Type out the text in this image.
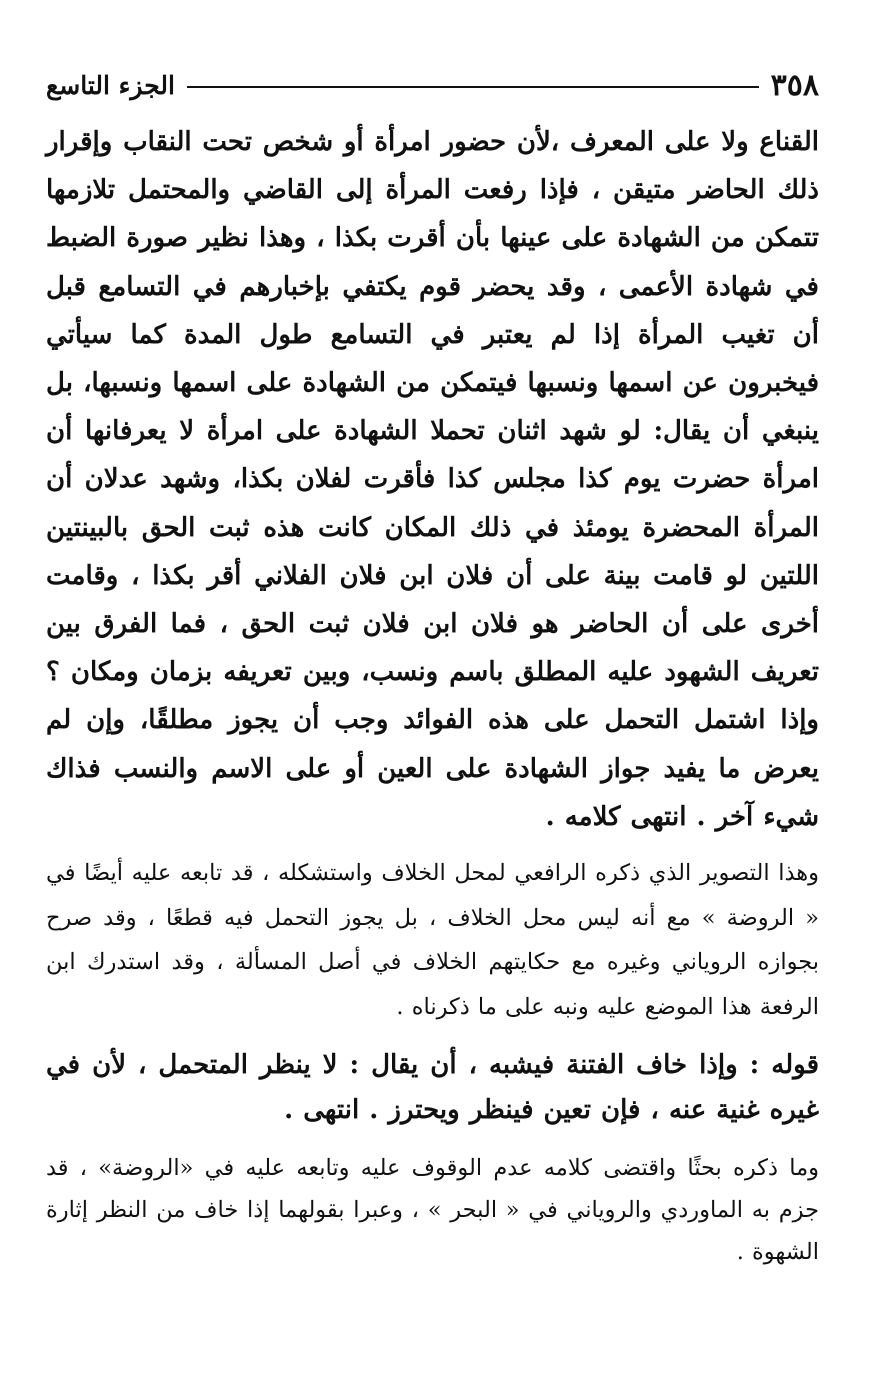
٣٥٨
الجزء التاسع

القناع ولا على المعرف ،لأن حضور امرأة أو شخص تحت النقاب وإقرار ذلك الحاضر متيقن ، فإذا رفعت المرأة إلى القاضي والمحتمل تلازمها تتمكن من الشهادة على عينها بأن أقرت بكذا ، وهذا نظير صورة الضبط في شهادة الأعمى ، وقد يحضر قوم يكتفي بإخبارهم في التسامع قبل أن تغيب المرأة إذا لم يعتبر في التسامع طول المدة كما سيأتي فيخبرون عن اسمها ونسبها فيتمكن من الشهادة على اسمها ونسبها، بل ينبغي أن يقال: لو شهد اثنان تحملا الشهادة على امرأة لا يعرفانها أن امرأة حضرت يوم كذا مجلس كذا فأقرت لفلان بكذا، وشهد عدلان أن المرأة المحضرة يومئذ في ذلك المكان كانت هذه ثبت الحق بالبينتين اللتين لو قامت بينة على أن فلان ابن فلان الفلاني أقر بكذا ، وقامت أخرى على أن الحاضر هو فلان ابن فلان ثبت الحق ، فما الفرق بين تعريف الشهود عليه المطلق باسم ونسب، وبين تعريفه بزمان ومكان ؟ وإذا اشتمل التحمل على هذه الفوائد وجب أن يجوز مطلقًا، وإن لم يعرض ما يفيد جواز الشهادة على العين أو على الاسم والنسب فذاك شيء آخر . انتهى كلامه .

وهذا التصوير الذي ذكره الرافعي لمحل الخلاف واستشكله ، قد تابعه عليه أيضًا في « الروضة » مع أنه ليس محل الخلاف ، بل يجوز التحمل فيه قطعًا ، وقد صرح بجوازه الروياني وغيره مع حكايتهم الخلاف في أصل المسألة ، وقد استدرك ابن الرفعة هذا الموضع عليه ونبه على ما ذكرناه .

قوله : وإذا خاف الفتنة فيشبه ، أن يقال : لا ينظر المتحمل ، لأن في غيره غنية عنه ، فإن تعين فينظر ويحترز . انتهى .

وما ذكره بحثًا واقتضى كلامه عدم الوقوف عليه وتابعه عليه في «الروضة» ، قد جزم به الماوردي والروياني في « البحر » ، وعبرا بقولهما إذا خاف من النظر إثارة الشهوة .
